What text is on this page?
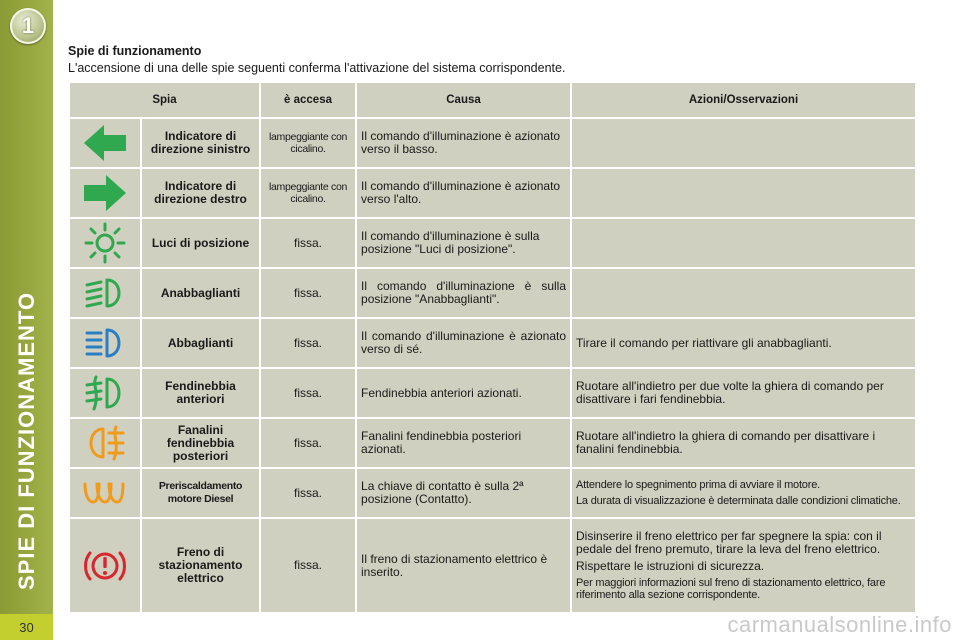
1
SPIE DI FUNZIONAMENTO
30
Spie di funzionamento
L'accensione di una delle spie seguenti conferma l'attivazione del sistema corrispondente.
Spia		è accesa	Causa	Azioni/Osservazioni

	Indicatore di direzione sinistro	lampeggiante con cicalino.	Il comando d'illuminazione è azionato verso il basso.	

	Indicatore di direzione destro	lampeggiante con cicalino.	Il comando d'illuminazione è azionato verso l'alto.	

	Luci di posizione	fissa.	Il comando d'illuminazione è sulla posizione "Luci di posizione".	

	Anabbaglianti	fissa.	Il comando d'illuminazione è sulla posizione "Anabbaglianti".	

	Abbaglianti	fissa.	Il comando d'illuminazione è azionato verso di sé.	Tirare il comando per riattivare gli anabbaglianti.

	Fendinebbia anteriori	fissa.	Fendinebbia anteriori azionati.	Ruotare all'indietro per due volte la ghiera di comando per disattivare i fari fendinebbia.

	Fanalini fendinebbia posteriori	fissa.	Fanalini fendinebbia posteriori azionati.	Ruotare all'indietro la ghiera di comando per disattivare i fanalini fendinebbia.

	Preriscaldamento motore Diesel	fissa.	La chiave di contatto è sulla 2ª posizione (Contatto).	Attendere lo spegnimento prima di avviare il motore.

La durata di visualizzazione è determinata dalle condizioni climatiche.

	Freno di stazionamento elettrico	fissa.	Il freno di stazionamento elettrico è inserito.	Disinserire il freno elettrico per far spegnere la spia: con il pedale del freno premuto, tirare la leva del freno elettrico.

Rispettare le istruzioni di sicurezza.

Per maggiori informazioni sul freno di stazionamento elettrico, fare riferimento alla sezione corrispondente.

carmanualsonline.info
